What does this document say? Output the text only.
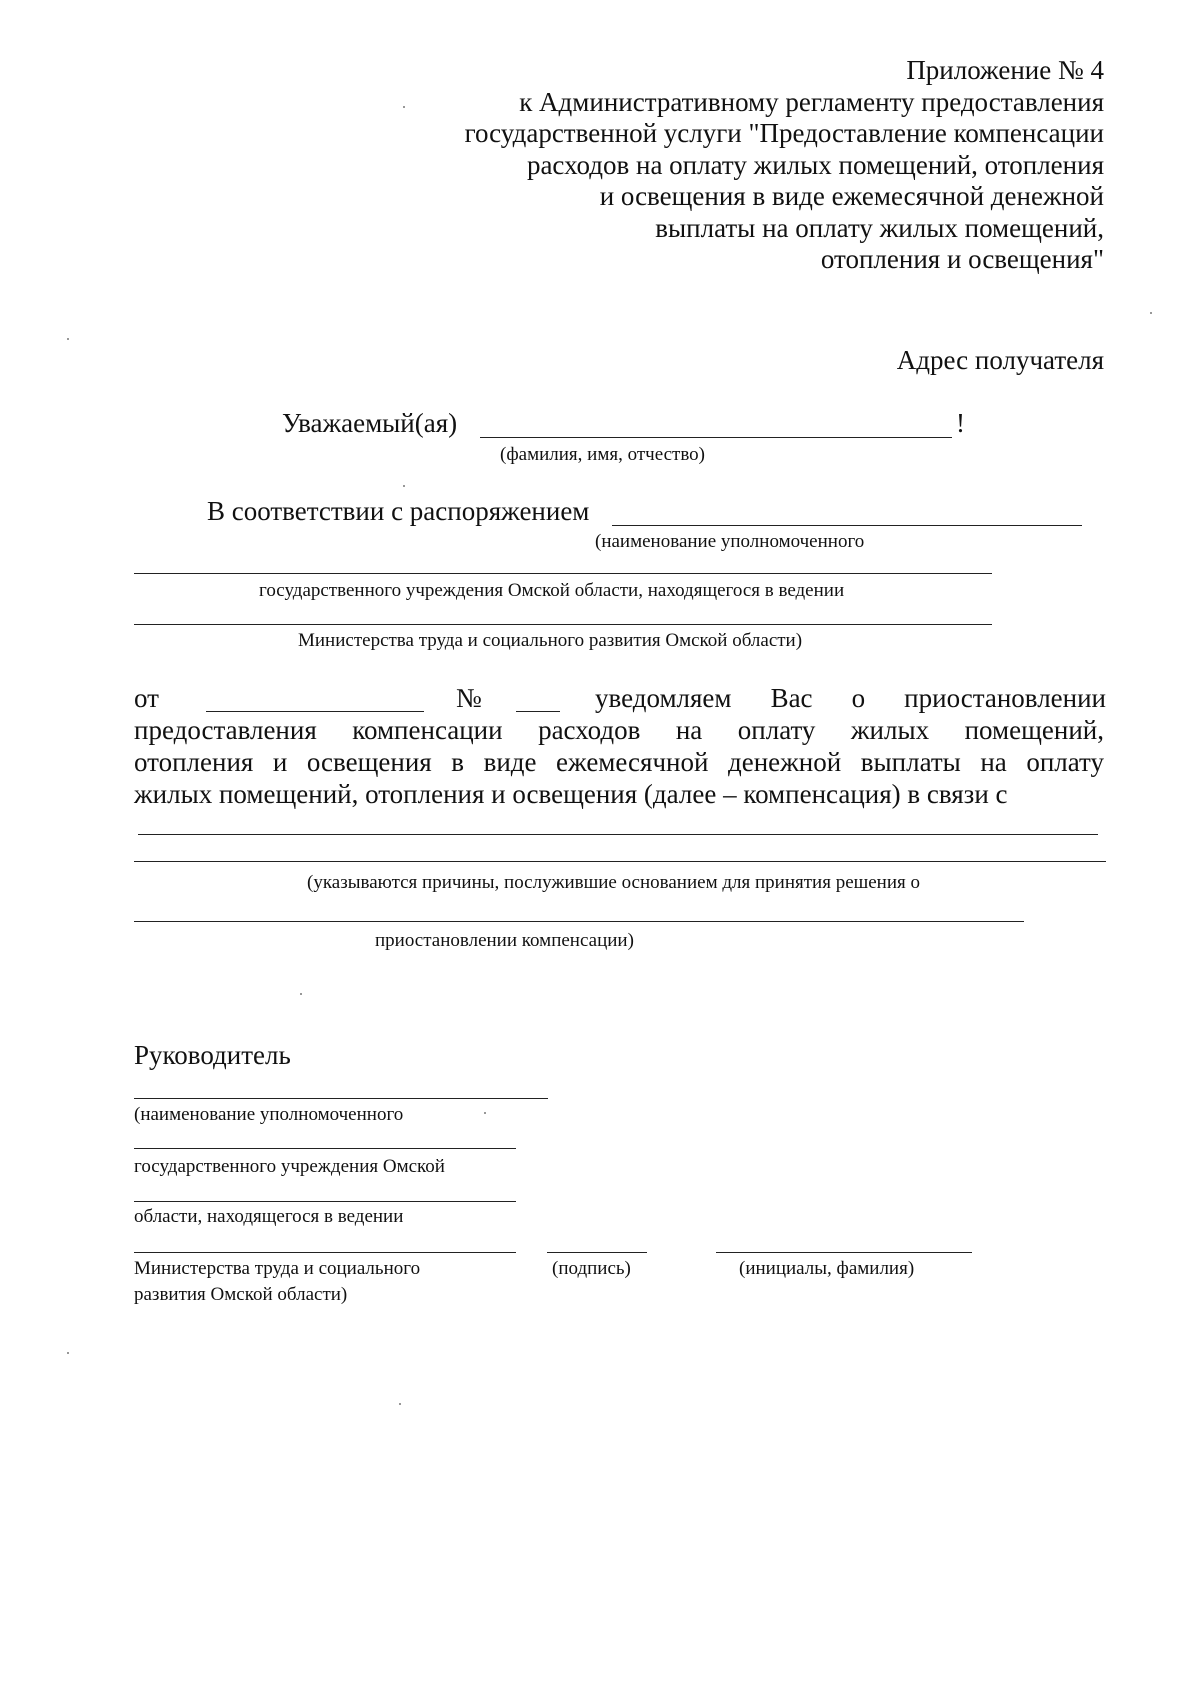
Приложение № 4
к Административному регламенту предоставления
государственной услуги "Предоставление компенсации
расходов на оплату жилых помещений, отопления
и освещения в виде ежемесячной денежной
выплаты на оплату жилых помещений,
отопления и освещения"
Адрес получателя
Уважаемый(ая)	!
(фамилия, имя, отчество)
В соответствии с распоряжением
(наименование уполномоченного
государственного учреждения Омской области, находящегося в ведении
Министерства труда и социального развития Омской области)
от	№	уведомляем Вас о приостановлении
предоставления компенсации расходов на оплату жилых помещений,
отопления и освещения в виде ежемесячной денежной выплаты на оплату
жилых помещений, отопления и освещения (далее – компенсация) в связи с
(указываются причины, послужившие основанием для принятия решения о
приостановлении компенсации)
Руководитель
(наименование уполномоченного
государственного учреждения Омской
области, находящегося в ведении
Министерства труда и социального
развития Омской области)
(подпись)	(инициалы, фамилия)
